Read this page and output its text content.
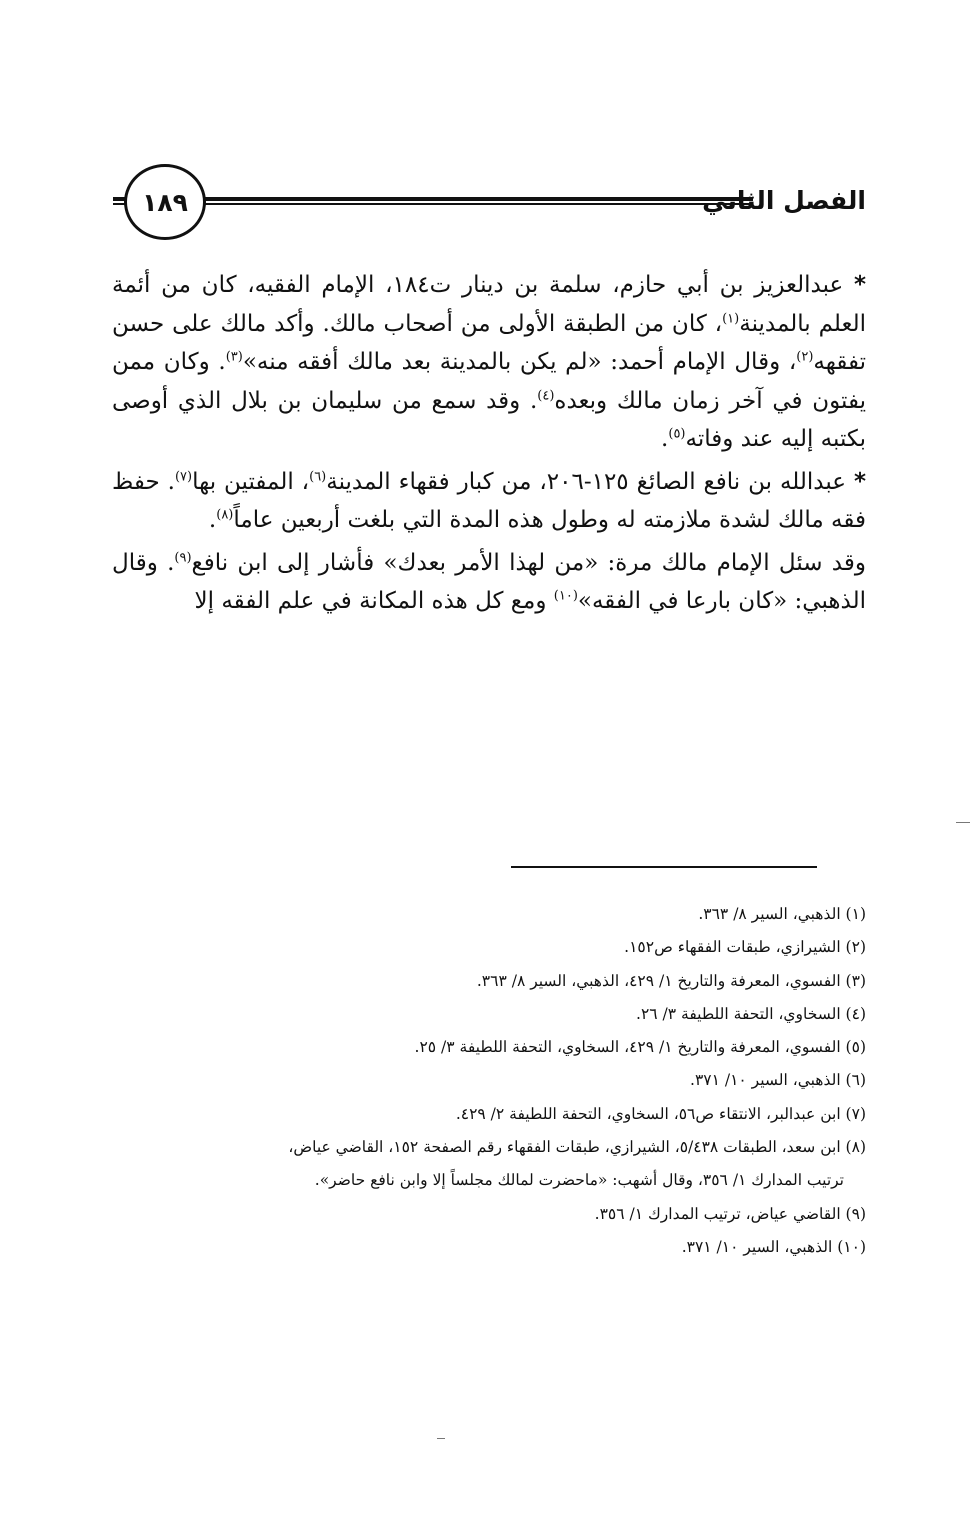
الفصل الثاني
١٨٩

* عبدالعزيز بن أبي حازم، سلمة بن دينار ت١٨٤، الإمام الفقيه، كان من أئمة العلم بالمدينة$^{(١)}$، كان من الطبقة الأولى من أصحاب مالك. وأكد مالك على حسن تفقهه$^{(٢)}$، وقال الإمام أحمد: «لم يكن بالمدينة بعد مالك أفقه منه»$^{(٣)}$. وكان ممن يفتون في آخر زمان مالك وبعده$^{(٤)}$. وقد سمع من سليمان بن بلال الذي أوصى بكتبه إليه عند وفاته$^{(٥)}$.

* عبدالله بن نافع الصائغ ١٢٥-٢٠٦، من كبار فقهاء المدينة$^{(٦)}$، المفتين بها$^{(٧)}$. حفظ فقه مالك لشدة ملازمته له وطول هذه المدة التي بلغت أربعين عاماً$^{(٨)}$.

وقد سئل الإمام مالك مرة: «من لهذا الأمر بعدك» فأشار إلى ابن نافع$^{(٩)}$. وقال الذهبي: «كان بارعا في الفقه»$^{(١٠)}$ ومع كل هذه المكانة في علم الفقه إلا

(١) الذهبي، السير ٨/ ٣٦٣.

(٢) الشيرازي، طبقات الفقهاء ص١٥٢.

(٣) الفسوي، المعرفة والتاريخ ١/ ٤٢٩، الذهبي، السير ٨/ ٣٦٣.

(٤) السخاوي، التحفة اللطيفة ٣/ ٢٦.

(٥) الفسوي، المعرفة والتاريخ ١/ ٤٢٩، السخاوي، التحفة اللطيفة ٣/ ٢٥.

(٦) الذهبي، السير ١٠/ ٣٧١.

(٧) ابن عبدالبر، الانتقاء ص٥٦، السخاوي، التحفة اللطيفة ٢/ ٤٢٩.

(٨) ابن سعد، الطبقات ٥/٤٣٨، الشيرازي، طبقات الفقهاء رقم الصفحة ١٥٢، القاضي عياض،

ترتيب المدارك ١/ ٣٥٦، وقال أشهب: «ماحضرت لمالك مجلساً إلا وابن نافع حاضر».

(٩) القاضي عياض، ترتيب المدارك ١/ ٣٥٦.

(١٠) الذهبي، السير ١٠/ ٣٧١.
